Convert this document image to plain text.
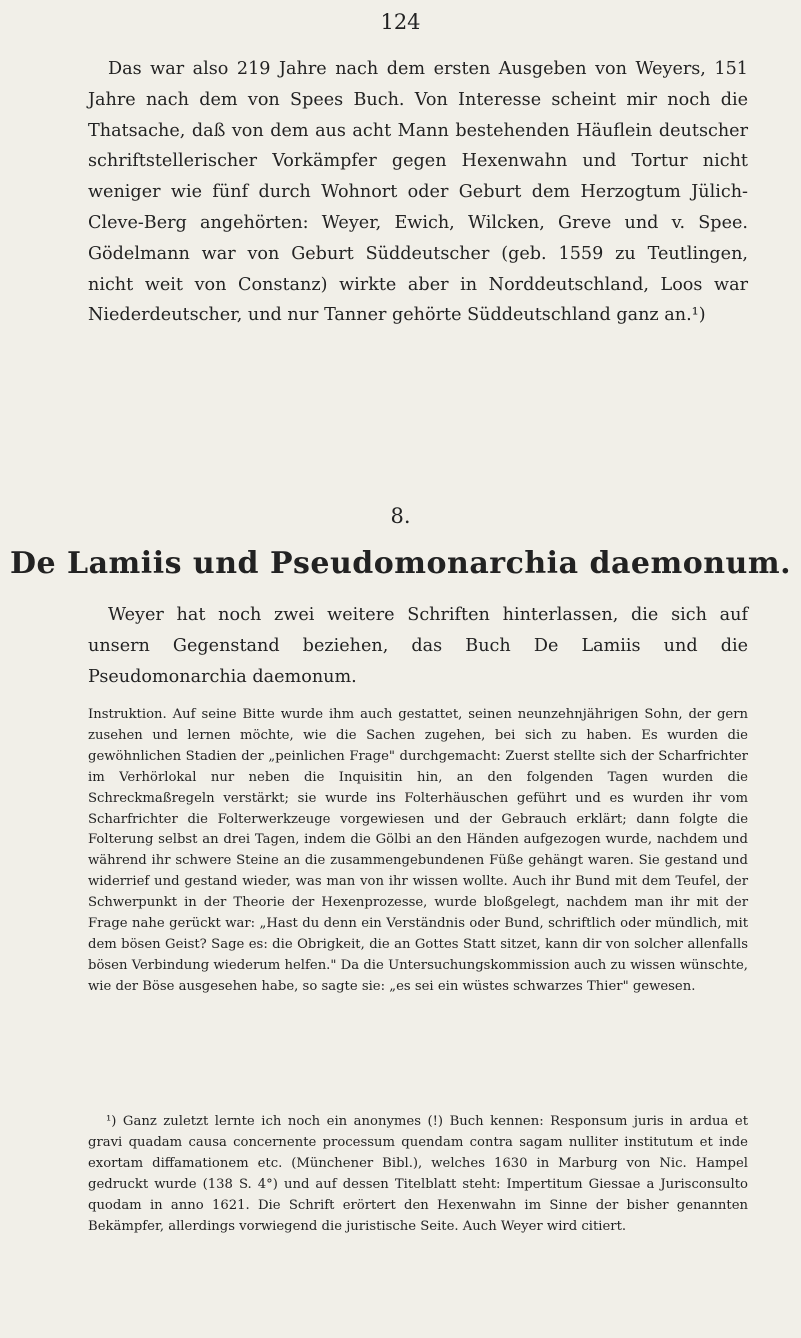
124

Das war also 219 Jahre nach dem ersten Ausgeben von Weyers, 151 Jahre nach dem von Spees Buch. Von Interesse scheint mir noch die Thatsache, daß von dem aus acht Mann bestehenden Häuflein deutscher schriftstellerischer Vorkämpfer gegen Hexenwahn und Tortur nicht weniger wie fünf durch Wohnort oder Geburt dem Herzogtum Jülich-Cleve-Berg angehörten: Weyer, Ewich, Wilcken, Greve und v. Spee. Gödelmann war von Geburt Süddeutscher (geb. 1559 zu Teutlingen, nicht weit von Constanz) wirkte aber in Norddeutschland, Loos war Niederdeutscher, und nur Tanner gehörte Süddeutschland ganz an.¹)

8.
De Lamiis und Pseudomonarchia daemonum.

Weyer hat noch zwei weitere Schriften hinterlassen, die sich auf unsern Gegenstand beziehen, das Buch De Lamiis und die Pseudomonarchia daemonum.

Instruktion. Auf seine Bitte wurde ihm auch gestattet, seinen neunzehnjährigen Sohn, der gern zusehen und lernen möchte, wie die Sachen zugehen, bei sich zu haben. Es wurden die gewöhnlichen Stadien der „peinlichen Frage" durchgemacht: Zuerst stellte sich der Scharfrichter im Verhörlokal nur neben die Inquisitin hin, an den folgenden Tagen wurden die Schreckmaßregeln verstärkt; sie wurde ins Folterhäuschen geführt und es wurden ihr vom Scharfrichter die Folterwerkzeuge vorgewiesen und der Gebrauch erklärt; dann folgte die Folterung selbst an drei Tagen, indem die Gölbi an den Händen aufgezogen wurde, nachdem und während ihr schwere Steine an die zusammengebundenen Füße gehängt waren. Sie gestand und widerrief und gestand wieder, was man von ihr wissen wollte. Auch ihr Bund mit dem Teufel, der Schwerpunkt in der Theorie der Hexenprozesse, wurde bloßgelegt, nachdem man ihr mit der Frage nahe gerückt war: „Hast du denn ein Verständnis oder Bund, schriftlich oder mündlich, mit dem bösen Geist? Sage es: die Obrigkeit, die an Gottes Statt sitzet, kann dir von solcher allenfalls bösen Verbindung wiederum helfen." Da die Untersuchungskommission auch zu wissen wünschte, wie der Böse ausgesehen habe, so sagte sie: „es sei ein wüstes schwarzes Thier" gewesen.

¹) Ganz zuletzt lernte ich noch ein anonymes (!) Buch kennen: Responsum juris in ardua et gravi quadam causa concernente processum quendam contra sagam nulliter institutum et inde exortam diffamationem etc. (Münchener Bibl.), welches 1630 in Marburg von Nic. Hampel gedruckt wurde (138 S. 4°) und auf dessen Titelblatt steht: Impertitum Giessae a Jurisconsulto quodam in anno 1621. Die Schrift erörtert den Hexenwahn im Sinne der bisher genannten Bekämpfer, allerdings vorwiegend die juristische Seite. Auch Weyer wird citiert.
